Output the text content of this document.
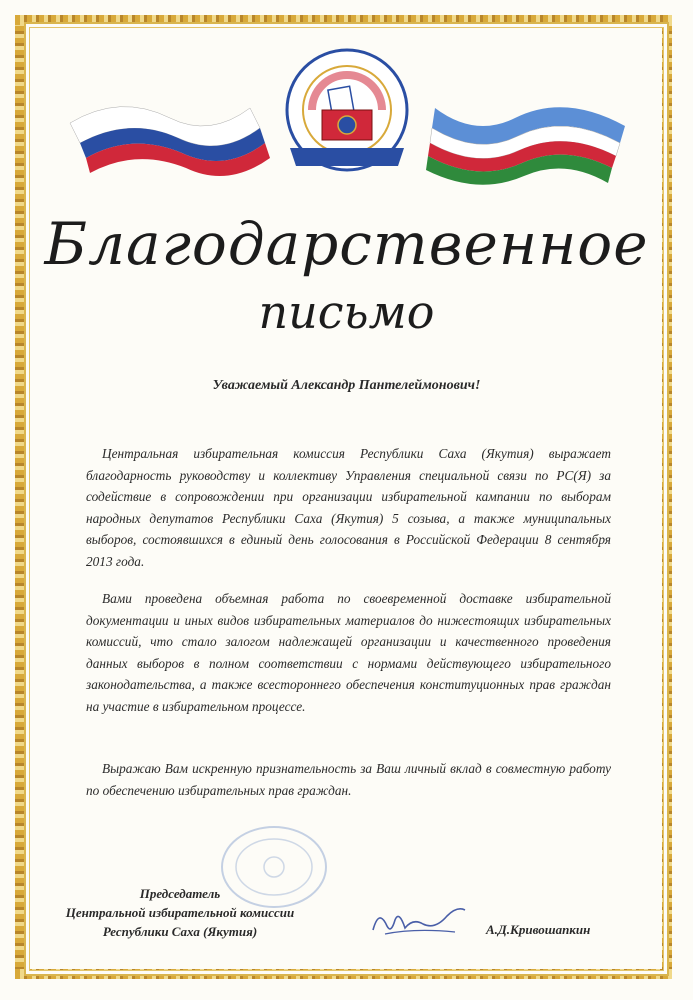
Благодарственное
письмо
Уважаемый Александр Пантелеймонович!

Центральная избирательная комиссия Республики Саха (Якутия) выражает благодарность руководству и коллективу Управления специальной связи по РС(Я) за содействие в сопровождении при организации избирательной кампании по выборам народных депутатов Республики Саха (Якутия) 5 созыва, а также муниципальных выборов, состоявшихся в единый день голосования в Российской Федерации 8 сентября 2013 года.

Вами проведена объемная работа по своевременной доставке избирательной документации и иных видов избирательных материалов до нижестоящих избирательных комиссий, что стало залогом надлежащей организации и качественного проведения данных выборов в полном соответствии с нормами действующего избирательного законодательства, а также всестороннего обеспечения конституционных прав граждан на участие в избирательном процессе.

Выражаю Вам искренную признательность за Ваш личный вклад в совместную работу по обеспечению избирательных прав граждан.

Председатель
Центральной избирательной комиссии
Республики Саха (Якутия)	А.Д.Кривошапкин
